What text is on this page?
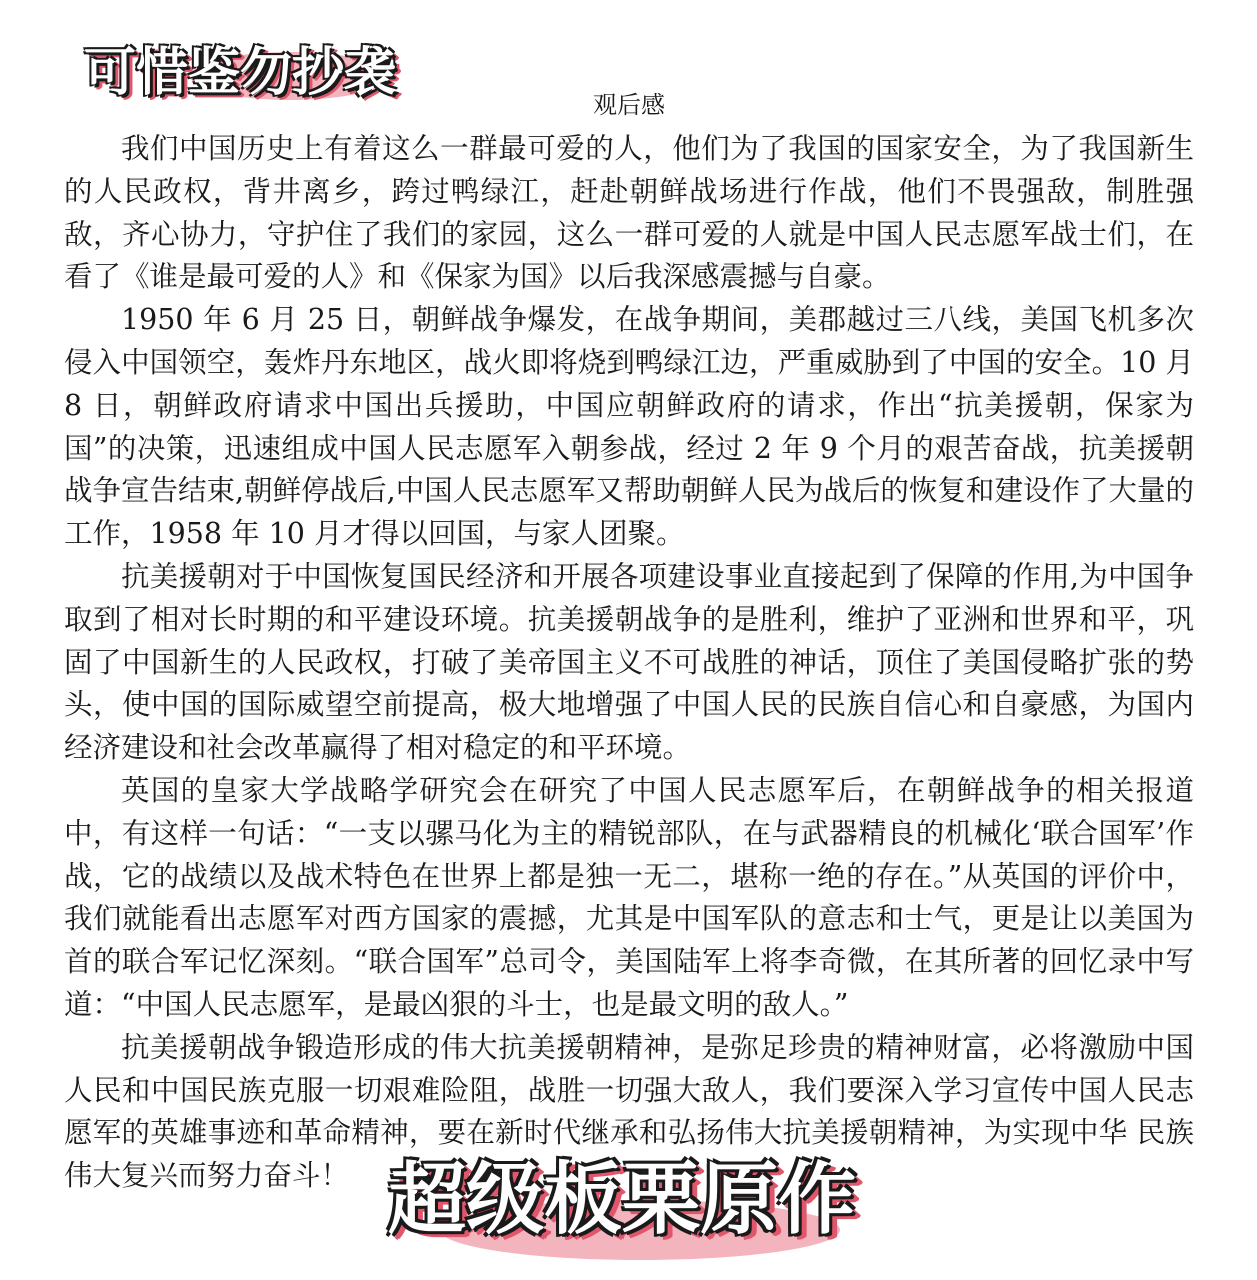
观后感

我们中国历史上有着这么一群最可爱的人，他们为了我国的国家安全，为了我国新生的人民政权，背井离乡，跨过鸭绿江，赶赴朝鲜战场进行作战，他们不畏强敌，制胜强敌，齐心协力，守护住了我们的家园，这么一群可爱的人就是中国人民志愿军战士们，在看了《谁是最可爱的人》和《保家为国》以后我深感震撼与自豪。

1950 年 6 月 25 日，朝鲜战争爆发，在战争期间，美郡越过三八线，美国飞机多次侵入中国领空，轰炸丹东地区，战火即将烧到鸭绿江边，严重威胁到了中国的安全。10 月 8 日，朝鲜政府请求中国出兵援助，中国应朝鲜政府的请求，作出“抗美援朝，保家为国”的决策，迅速组成中国人民志愿军入朝参战，经过 2 年 9 个月的艰苦奋战，抗美援朝战争宣告结束,朝鲜停战后,中国人民志愿军又帮助朝鲜人民为战后的恢复和建设作了大量的工作，1958 年 10 月才得以回国，与家人团聚。

抗美援朝对于中国恢复国民经济和开展各项建设事业直接起到了保障的作用,为中国争取到了相对长时期的和平建设环境。抗美援朝战争的是胜利，维护了亚洲和世界和平，巩固了中国新生的人民政权，打破了美帝国主义不可战胜的神话，顶住了美国侵略扩张的势头，使中国的国际威望空前提高，极大地增强了中国人民的民族自信心和自豪感，为国内经济建设和社会改革赢得了相对稳定的和平环境。

英国的皇家大学战略学研究会在研究了中国人民志愿军后，在朝鲜战争的相关报道中，有这样一句话：“一支以骡马化为主的精锐部队，在与武器精良的机械化‘联合国军’作战，它的战绩以及战术特色在世界上都是独一无二，堪称一绝的存在。”从英国的评价中，我们就能看出志愿军对西方国家的震撼，尤其是中国军队的意志和士气，更是让以美国为首的联合军记忆深刻。“联合国军”总司令，美国陆军上将李奇微，在其所著的回忆录中写道：“中国人民志愿军，是最凶狠的斗士，也是最文明的敌人。”

抗美援朝战争锻造形成的伟大抗美援朝精神，是弥足珍贵的精神财富，必将激励中国人民和中国民族克服一切艰难险阻，战胜一切强大敌人，我们要深入学习宣传中国人民志愿军的英雄事迹和革命精神，要在新时代继承和弘扬伟大抗美援朝精神，为实现中华 民族伟大复兴而努力奋斗！

可惜鉴勿抄袭
超级板栗原作
